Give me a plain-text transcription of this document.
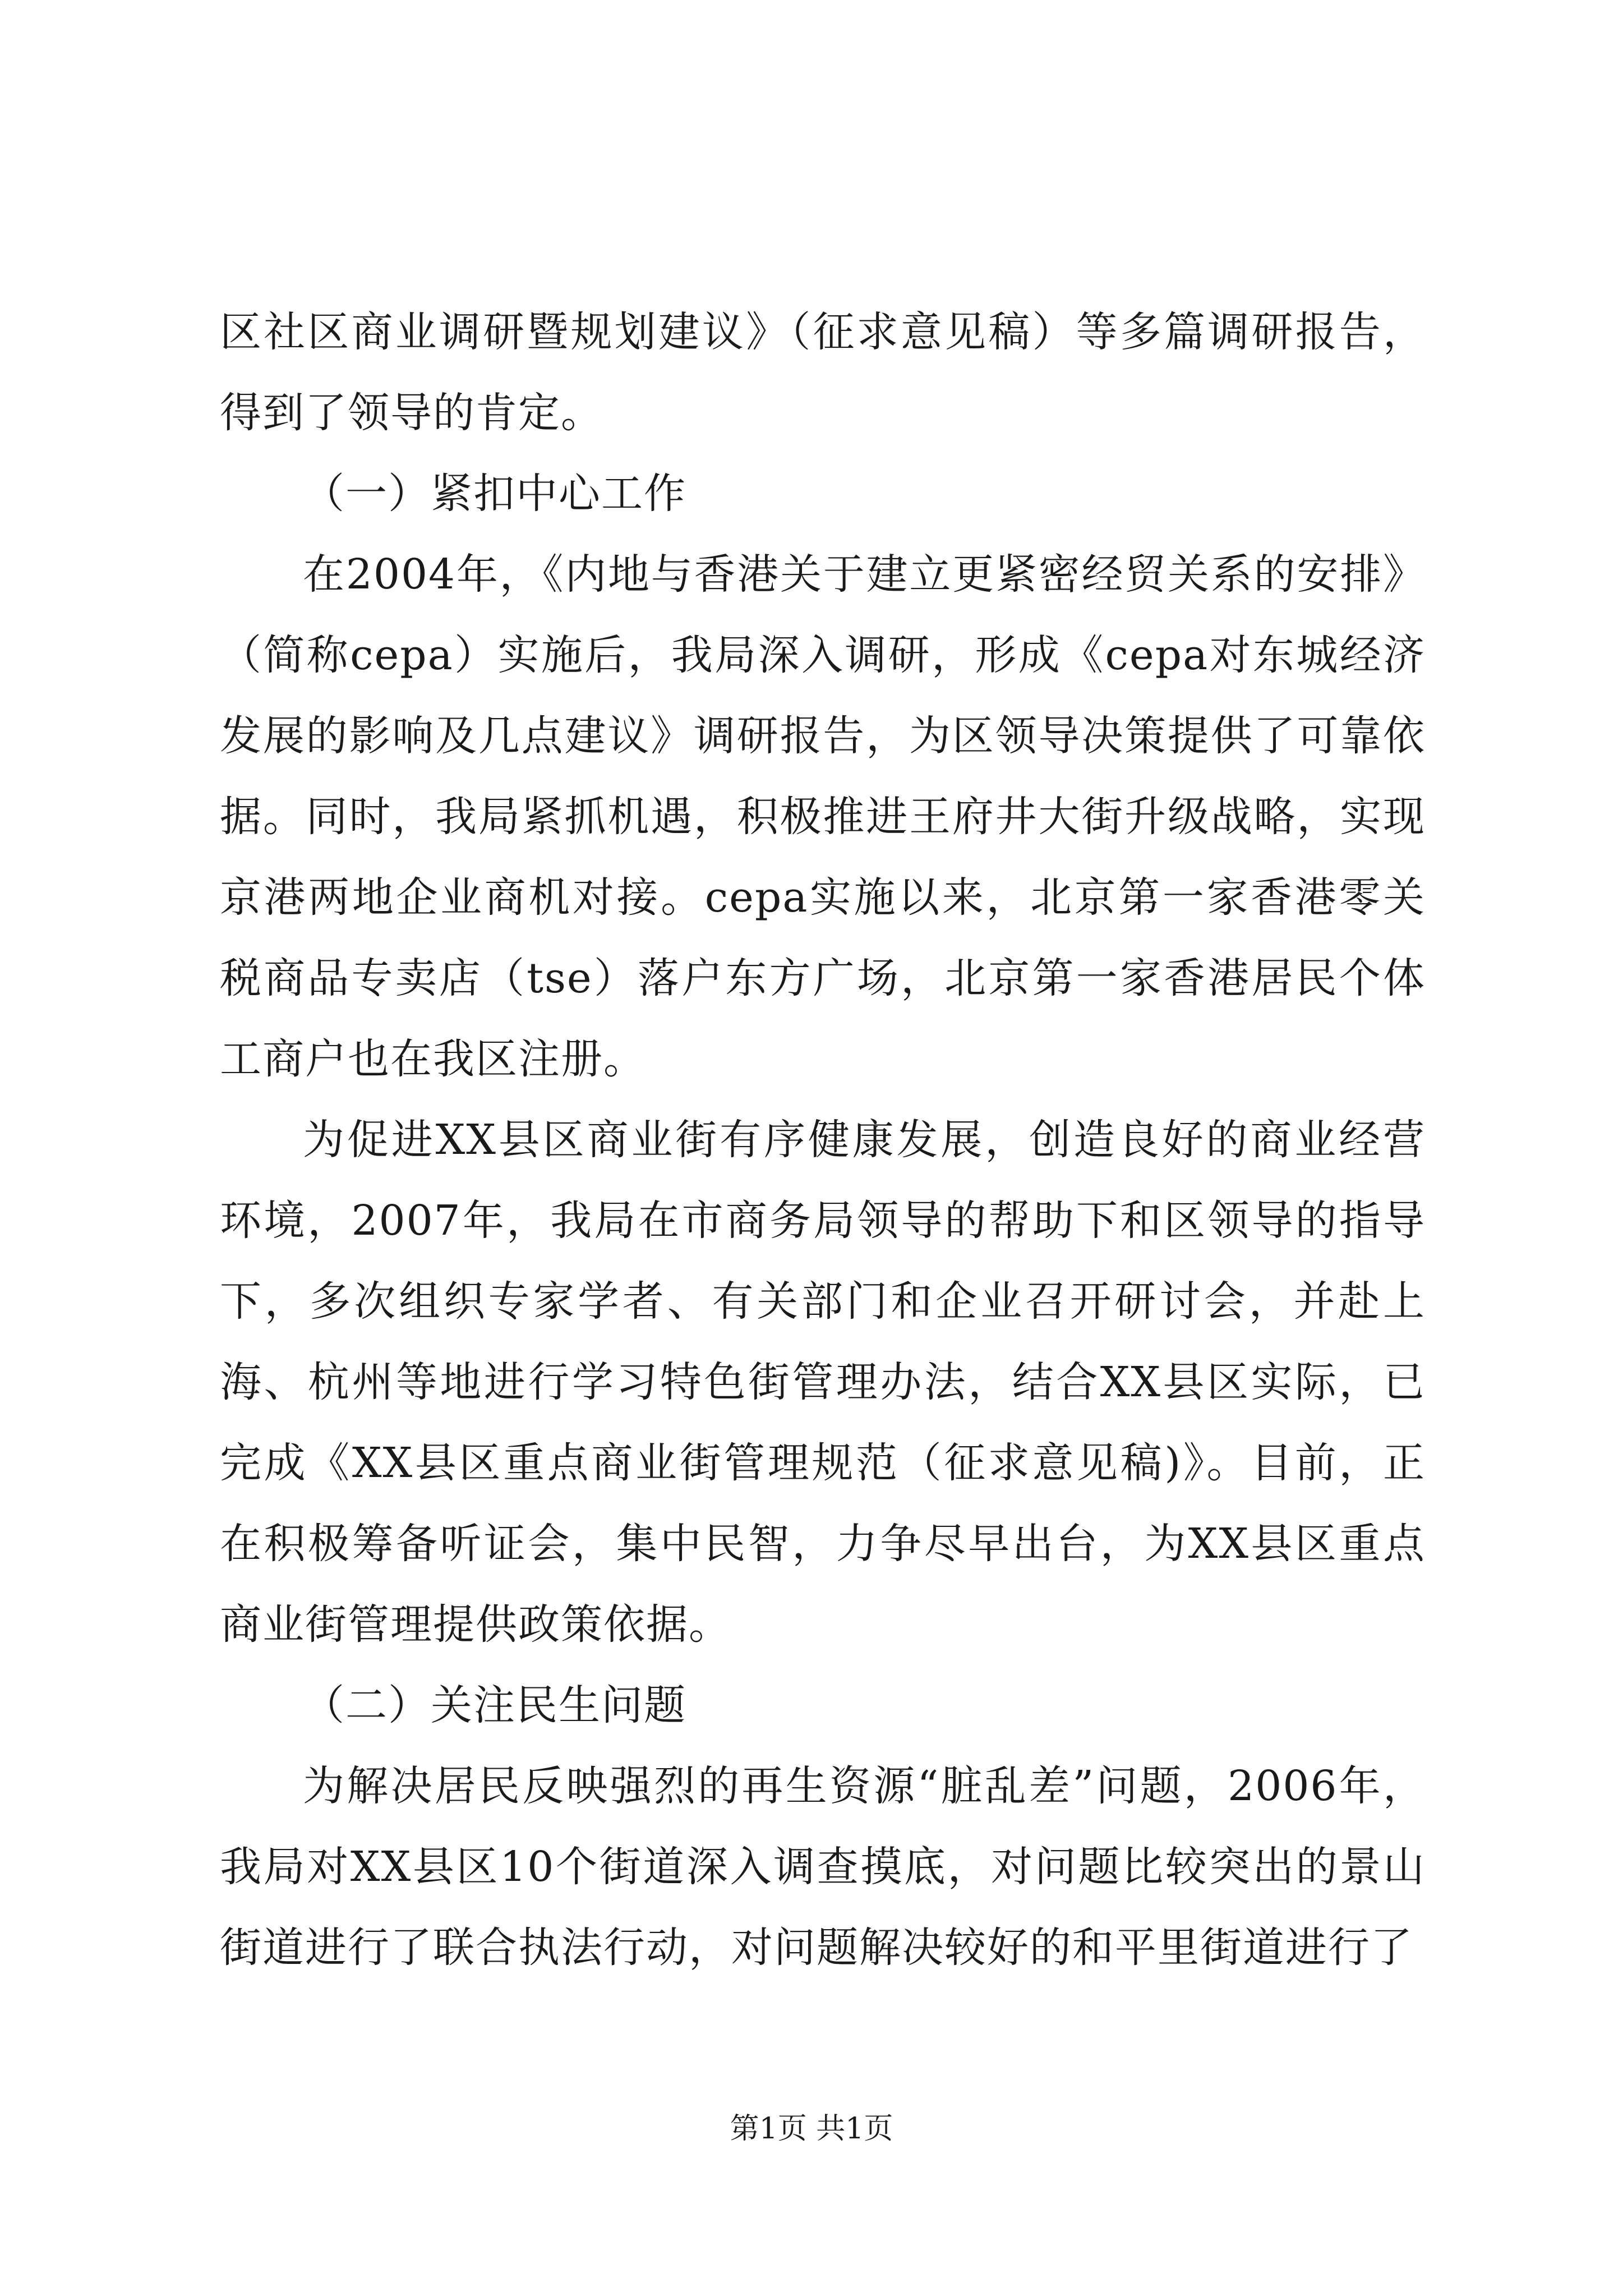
区社区商业调研暨规划建议》（征求意见稿）等多篇调研报告，得到了领导的肯定。

（一）紧扣中心工作

在2004年，《内地与香港关于建立更紧密经贸关系的安排》（简称cepa）实施后，我局深入调研，形成《cepa对东城经济发展的影响及几点建议》调研报告，为区领导决策提供了可靠依据。同时，我局紧抓机遇，积极推进王府井大街升级战略，实现京港两地企业商机对接。cepa实施以来，北京第一家香港零关税商品专卖店（tse）落户东方广场，北京第一家香港居民个体工商户也在我区注册。

为促进XX县区商业街有序健康发展，创造良好的商业经营环境，2007年，我局在市商务局领导的帮助下和区领导的指导下，多次组织专家学者、有关部门和企业召开研讨会，并赴上海、杭州等地进行学习特色街管理办法，结合XX县区实际，已完成《XX县区重点商业街管理规范（征求意见稿)》。目前，正在积极筹备听证会，集中民智，力争尽早出台，为XX县区重点商业街管理提供政策依据。

（二）关注民生问题

为解决居民反映强烈的再生资源“脏乱差”问题，2006年，我局对XX县区10个街道深入调查摸底，对问题比较突出的景山街道进行了联合执法行动，对问题解决较好的和平里街道进行了

第1页 共1页
